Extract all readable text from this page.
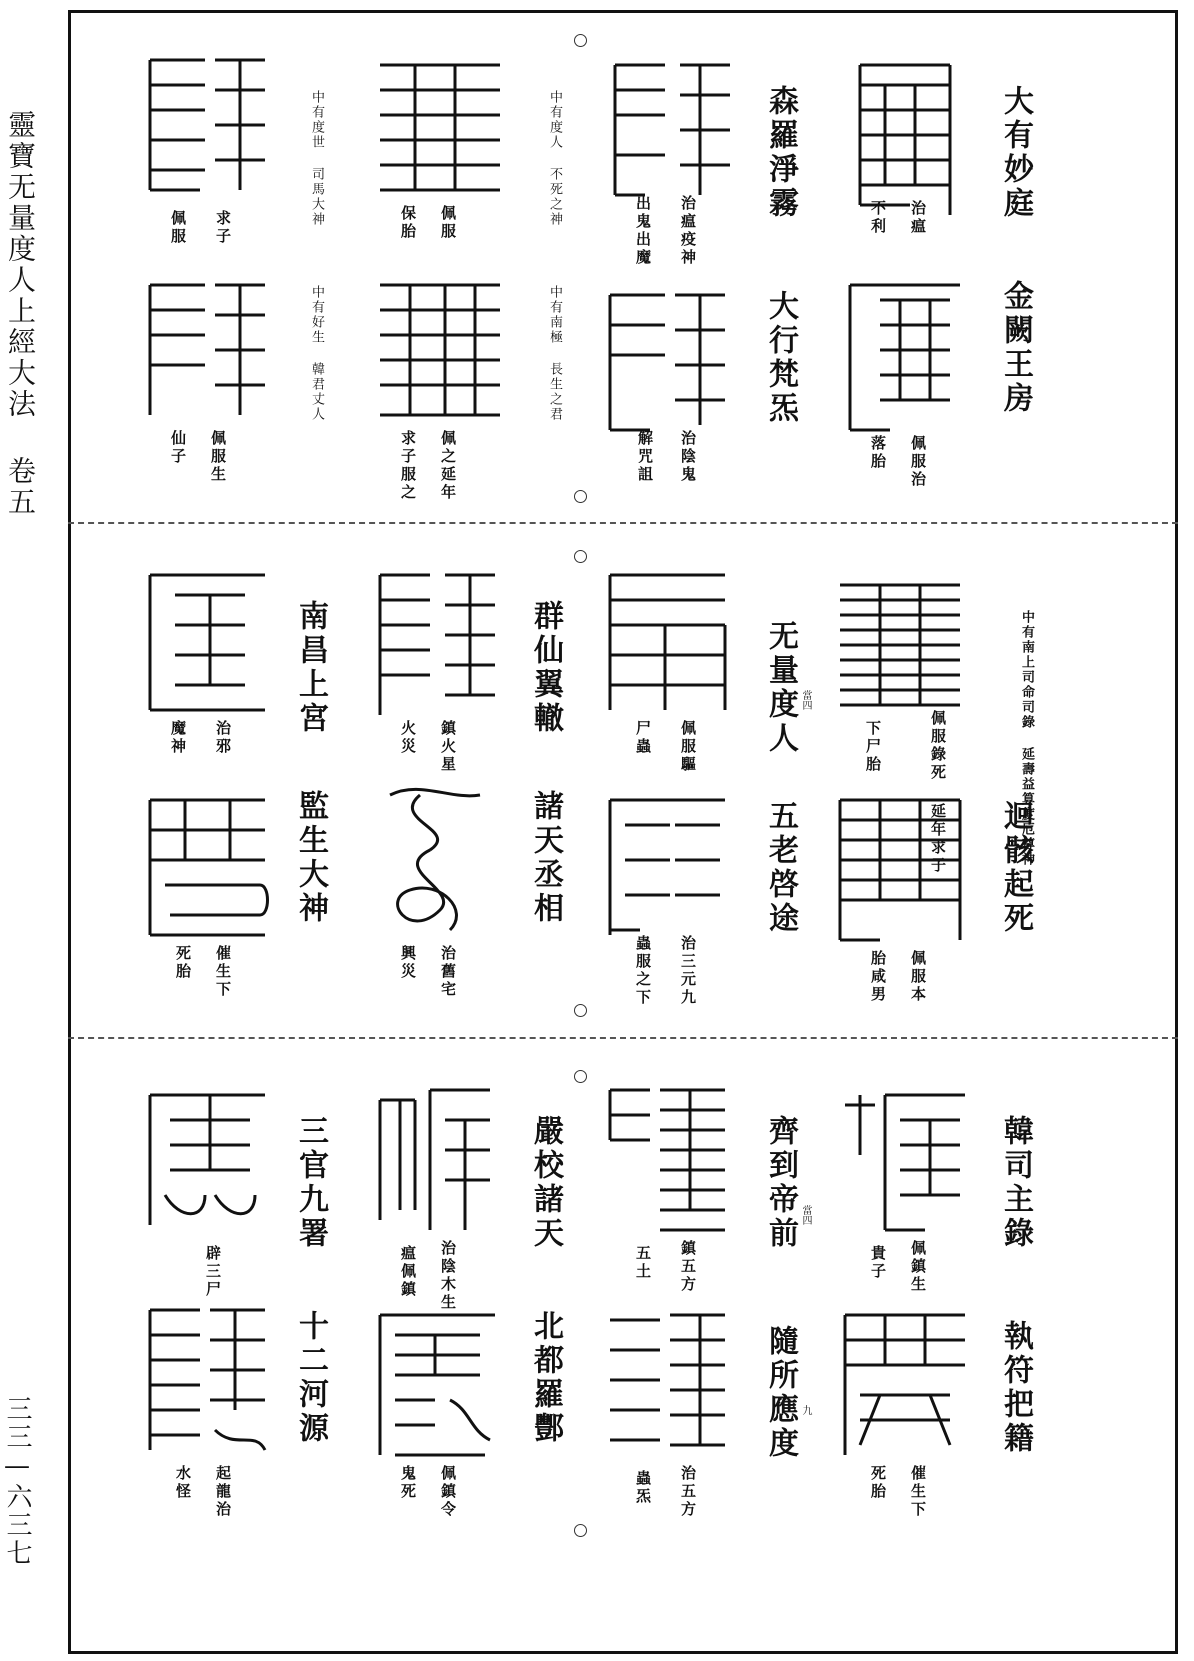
靈寶无量度人上經大法 卷五
三三—六三七
大有妙庭
金闕王房
治瘟
不利
佩服治
落胎
森羅淨霧
大行梵炁
治瘟疫神
出鬼出魔
治陰鬼
解咒詛
中有度人 不死之神
中有南極 長生之君
佩服
保胎
佩之延年
求子服之
中有度世 司馬大神
中有好生 韓君丈人
求子
佩服
佩服生
仙子
中有南上司命司錄 延壽益算度厄尊神
迴骸起死
佩服錄死 延年求子
下尸胎
佩服本
胎咸男
无量度人
五老啓途
當四
佩服驅
尸蟲
治三元九
蟲服之下
群仙翼轍
諸天丞相
鎮火星
火災
治舊宅
興災
南昌上宮
監生大神
治邪
魔神
催生下
死胎
韓司主錄
執符把籍
佩鎮生
貴子
催生下
死胎
齊到帝前
隨所應度
當四
九
鎮五方
五土
治五方
蟲炁
嚴校諸天
北都羅酆
治陰木生
瘟佩鎮
佩鎮令
鬼死
三官九署
十二河源
辟三尸
起龍治
水怪
